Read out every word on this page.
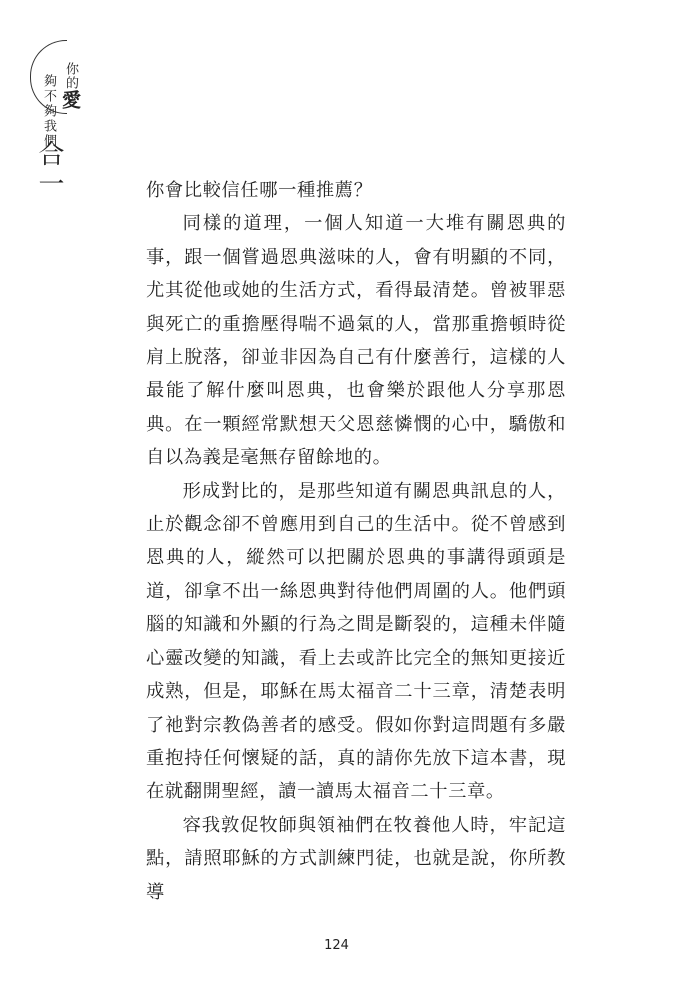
你的
愛
夠不夠我們
合一	你會比較信任哪一種推薦？

同樣的道理，一個人知道一大堆有關恩典的事，跟一個嘗過恩典滋味的人，會有明顯的不同，尤其從他或她的生活方式，看得最清楚。曾被罪惡與死亡的重擔壓得喘不過氣的人，當那重擔頓時從肩上脫落，卻並非因為自己有什麼善行，這樣的人最能了解什麼叫恩典，也會樂於跟他人分享那恩典。在一顆經常默想天父恩慈憐憫的心中，驕傲和自以為義是毫無存留餘地的。

形成對比的，是那些知道有關恩典訊息的人，止於觀念卻不曾應用到自己的生活中。從不曾感到恩典的人，縱然可以把關於恩典的事講得頭頭是道，卻拿不出一絲恩典對待他們周圍的人。他們頭腦的知識和外顯的行為之間是斷裂的，這種未伴隨心靈改變的知識，看上去或許比完全的無知更接近成熟，但是，耶穌在馬太福音二十三章，清楚表明了祂對宗教偽善者的感受。假如你對這問題有多嚴重抱持任何懷疑的話，真的請你先放下這本書，現在就翻開聖經，讀一讀馬太福音二十三章。

容我敦促牧師與領袖們在牧養他人時，牢記這點，請照耶穌的方式訓練門徒，也就是說，你所教導

124
